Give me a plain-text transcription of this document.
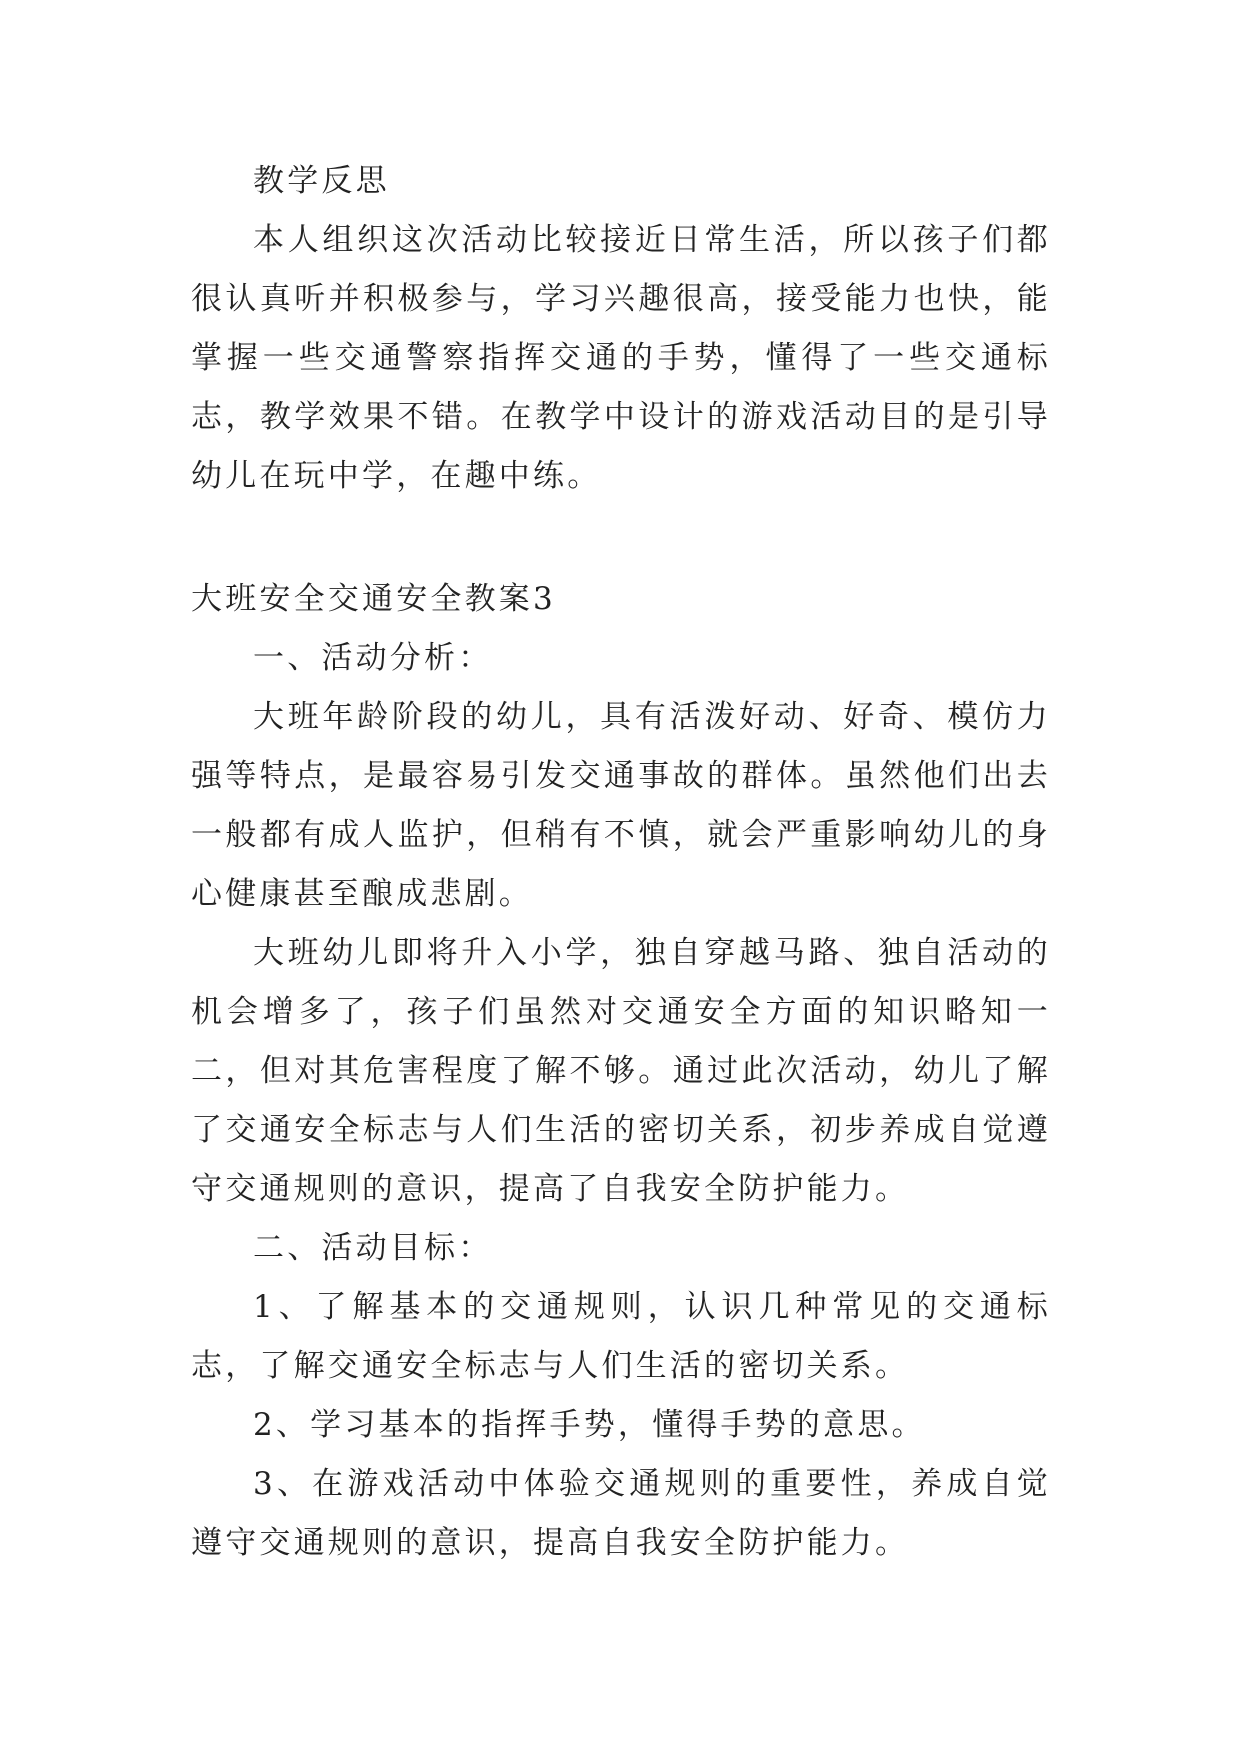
教学反思

本人组织这次活动比较接近日常生活，所以孩子们都很认真听并积极参与，学习兴趣很高，接受能力也快，能掌握一些交通警察指挥交通的手势，懂得了一些交通标志，教学效果不错。在教学中设计的游戏活动目的是引导幼儿在玩中学，在趣中练。

大班安全交通安全教案3

一、活动分析：

大班年龄阶段的幼儿，具有活泼好动、好奇、模仿力强等特点，是最容易引发交通事故的群体。虽然他们出去一般都有成人监护，但稍有不慎，就会严重影响幼儿的身心健康甚至酿成悲剧。

大班幼儿即将升入小学，独自穿越马路、独自活动的机会增多了，孩子们虽然对交通安全方面的知识略知一二，但对其危害程度了解不够。通过此次活动，幼儿了解了交通安全标志与人们生活的密切关系，初步养成自觉遵守交通规则的意识，提高了自我安全防护能力。

二、活动目标：

1、了解基本的交通规则，认识几种常见的交通标志，了解交通安全标志与人们生活的密切关系。

2、学习基本的指挥手势，懂得手势的意思。

3、在游戏活动中体验交通规则的重要性，养成自觉遵守交通规则的意识，提高自我安全防护能力。
